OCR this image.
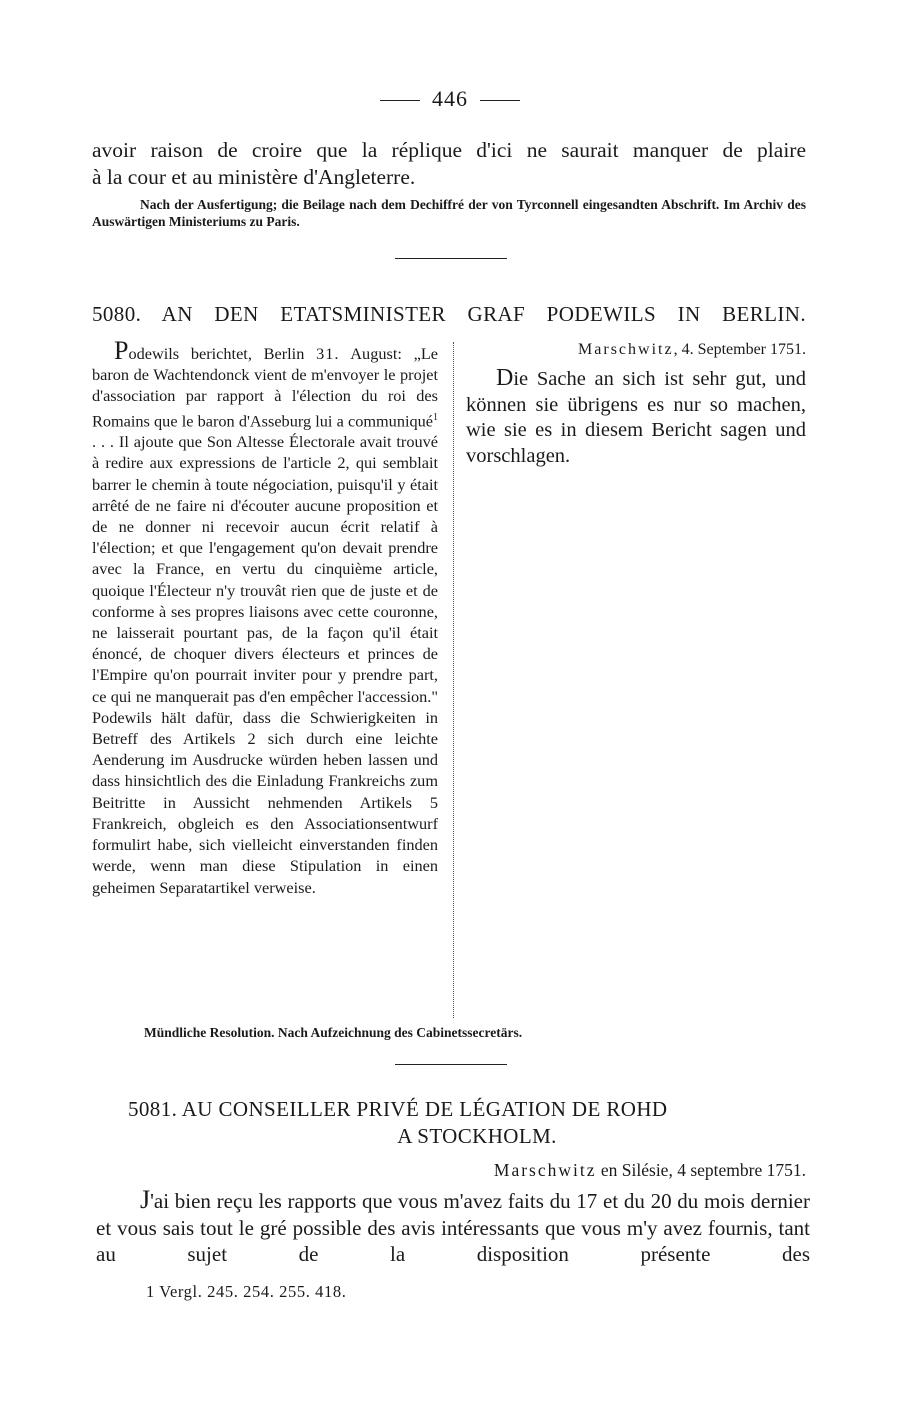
446
avoir raison de croire que la réplique d'ici ne saurait manquer de plaire
à la cour et au ministère d'Angleterre.
Nach der Ausfertigung; die Beilage nach dem Dechiffré der von Tyrconnell eingesandten Abschrift. Im Archiv des Auswärtigen Ministeriums zu Paris.
5080. AN DEN ETATSMINISTER GRAF PODEWILS IN BERLIN.
Podewils berichtet, Berlin 31. August: „Le baron de Wachtendonck vient de m'envoyer le projet d'association par rapport à l'élection du roi des Romains que le baron d'Asseburg lui a communiqué$^1$ . . . Il ajoute que Son Altesse Électorale avait trouvé à redire aux expressions de l'article 2, qui semblait barrer le chemin à toute négociation, puisqu'il y était arrêté de ne faire ni d'écouter aucune proposition et de ne donner ni recevoir aucun écrit relatif à l'élection; et que l'engagement qu'on devait prendre avec la France, en vertu du cinquième article, quoique l'Électeur n'y trouvât rien que de juste et de conforme à ses propres liaisons avec cette couronne, ne laisserait pourtant pas, de la façon qu'il était énoncé, de choquer divers électeurs et princes de l'Empire qu'on pourrait inviter pour y prendre part, ce qui ne manquerait pas d'en empêcher l'accession." Podewils hält dafür, dass die Schwierigkeiten in Betreff des Artikels 2 sich durch eine leichte Aenderung im Ausdrucke würden heben lassen und dass hinsichtlich des die Einladung Frankreichs zum Beitritte in Aussicht nehmenden Artikels 5 Frankreich, obgleich es den Associationsentwurf formulirt habe, sich vielleicht einverstanden finden werde, wenn man diese Stipulation in einen geheimen Separatartikel verweise.
Marschwitz, 4. September 1751.
Die Sache an sich ist sehr gut, und können sie übrigens es nur so machen, wie sie es in diesem Bericht sagen und vorschlagen.
Mündliche Resolution. Nach Aufzeichnung des Cabinetssecretärs.
5081. AU CONSEILLER PRIVÉ DE LÉGATION DE ROHD
A STOCKHOLM.
Marschwitz en Silésie, 4 septembre 1751.
J'ai bien reçu les rapports que vous m'avez faits du 17 et du 20 du mois dernier et vous sais tout le gré possible des avis intéressants que vous m'y avez fournis, tant au sujet de la disposition présente des
1 Vergl. 245. 254. 255. 418.
